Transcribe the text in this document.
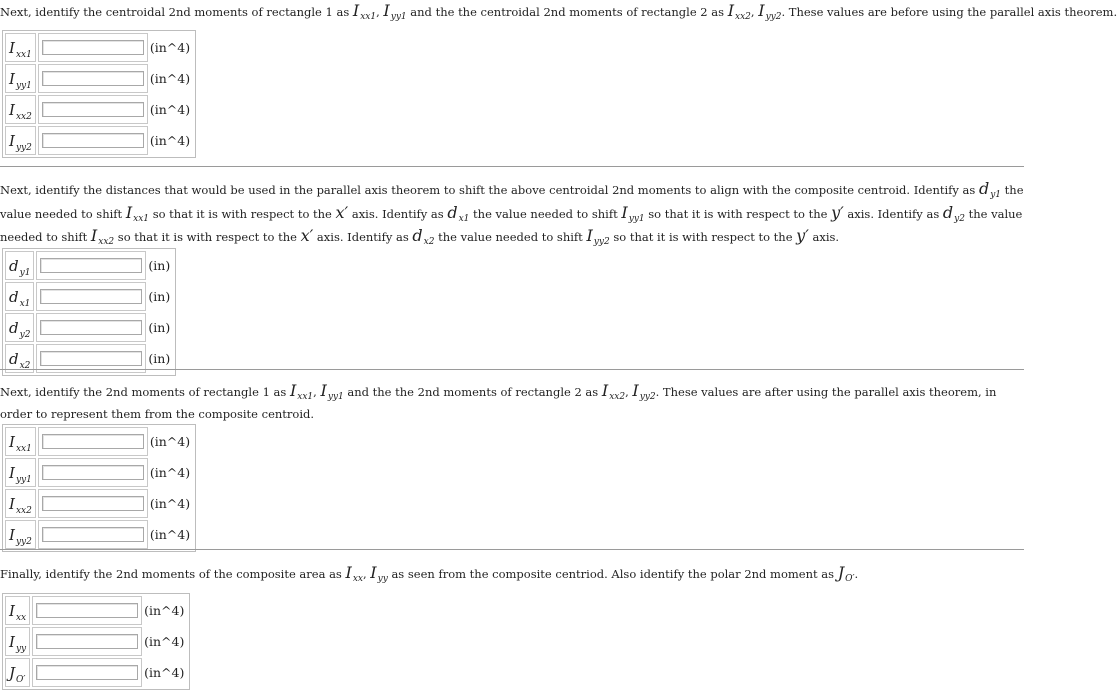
Next, identify the centroidal 2nd moments of rectangle 1 as Ixx1, Iyy1 and the the centroidal 2nd moments of rectangle 2 as Ixx2, Iyy2. These values are before using the parallel axis theorem.
$I_{xx1}$		(in^4)
$I_{yy1}$		(in^4)
$I_{xx2}$		(in^4)
$I_{yy2}$		(in^4)
Next, identify the distances that would be used in the parallel axis theorem to shift the above centroidal 2nd moments to align with the composite centroid. Identify as dy1 the value needed to shift Ixx1 so that it is with respect to the x′ axis. Identify as dx1 the value needed to shift Iyy1 so that it is with respect to the y′ axis. Identify as dy2 the value needed to shift Ixx2 so that it is with respect to the x′ axis. Identify as dx2 the value needed to shift Iyy2 so that it is with respect to the y′ axis.
$d_{y1}$		(in)
$d_{x1}$		(in)
$d_{y2}$		(in)
$d_{x2}$		(in)
Next, identify the 2nd moments of rectangle 1 as Ixx1, Iyy1 and the the 2nd moments of rectangle 2 as Ixx2, Iyy2. These values are after using the parallel axis theorem, in order to represent them from the composite centroid.
$I_{xx1}$		(in^4)
$I_{yy1}$		(in^4)
$I_{xx2}$		(in^4)
$I_{yy2}$		(in^4)
Finally, identify the 2nd moments of the composite area as Ixx, Iyy as seen from the composite centriod. Also identify the polar 2nd moment as JO′.
$I_{xx}$		(in^4)
$I_{yy}$		(in^4)
$J_{O'}$		(in^4)
